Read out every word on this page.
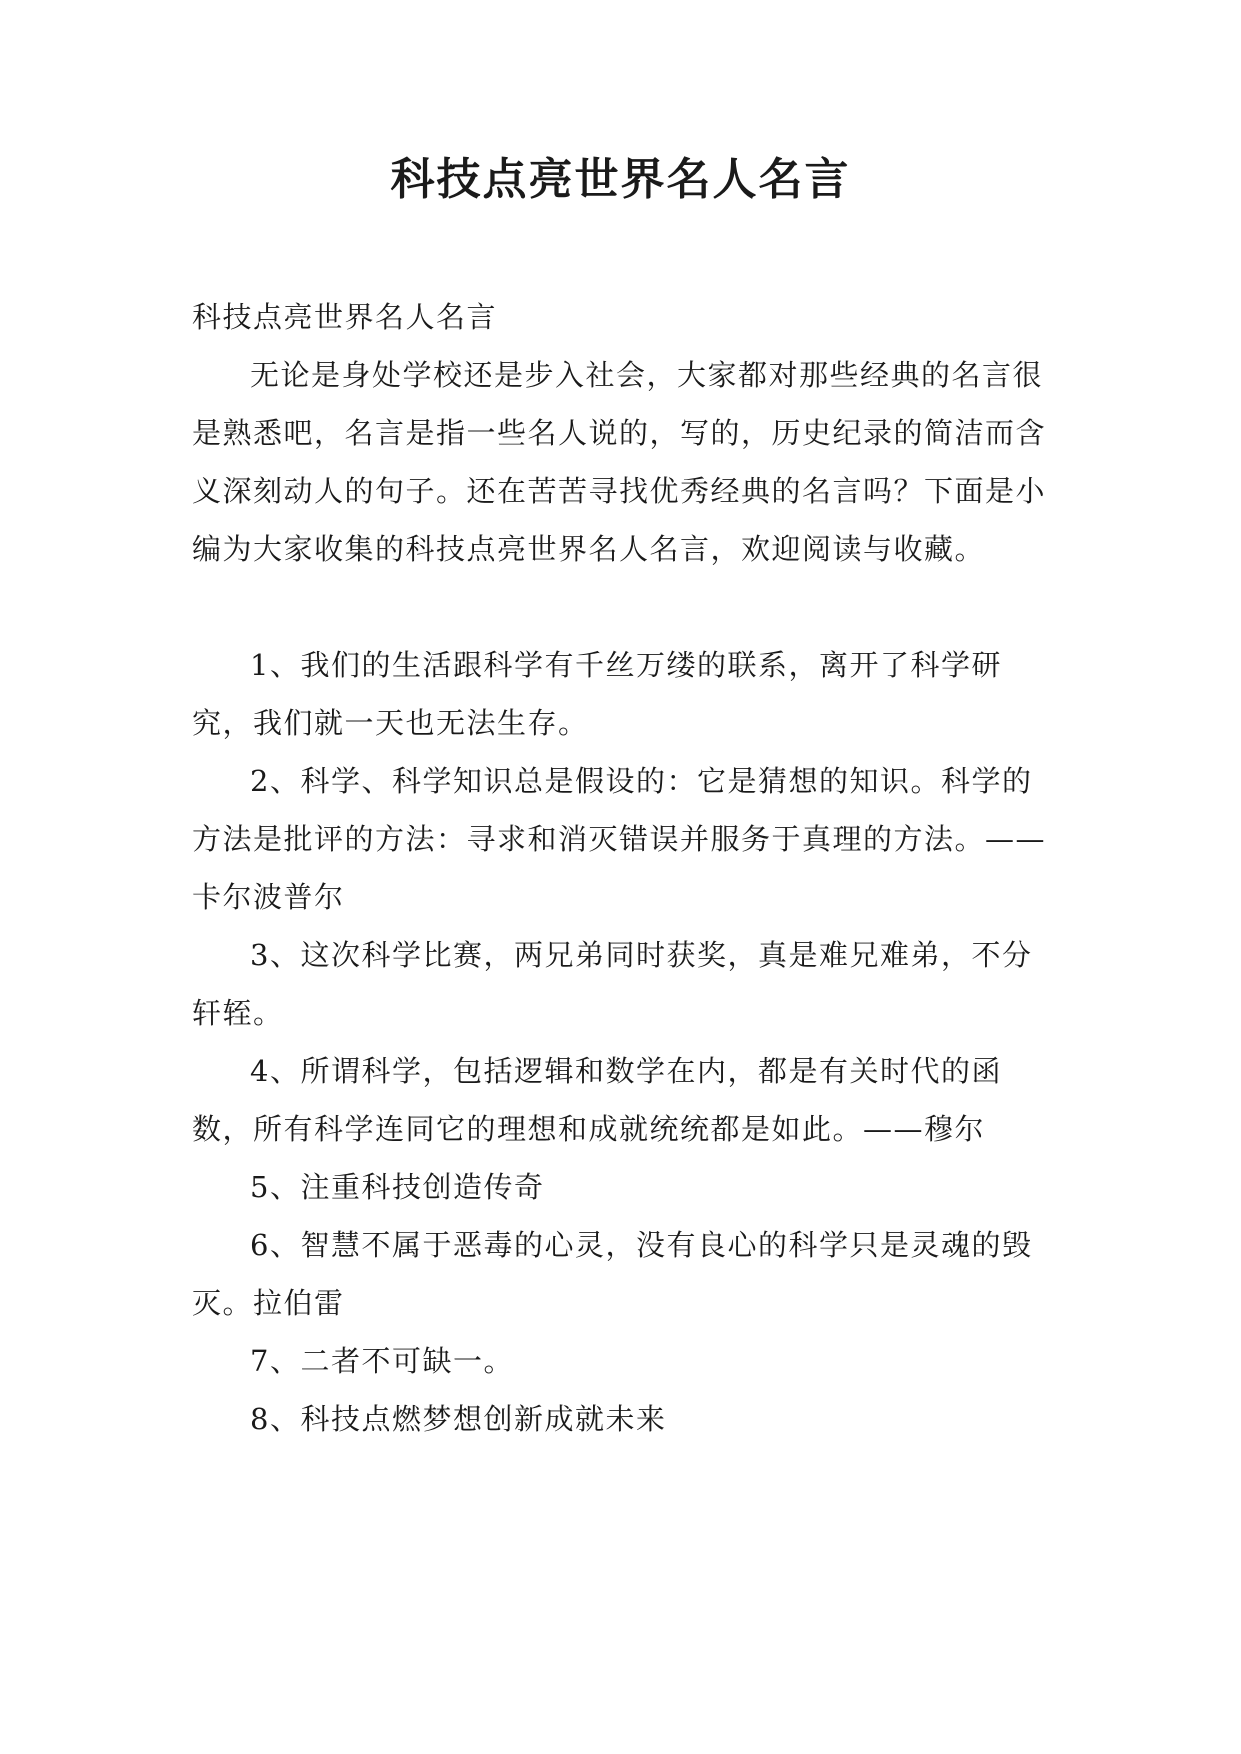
科技点亮世界名人名言

科技点亮世界名人名言

无论是身处学校还是步入社会，大家都对那些经典的名言很是熟悉吧，名言是指一些名人说的，写的，历史纪录的简洁而含义深刻动人的句子。还在苦苦寻找优秀经典的名言吗？下面是小编为大家收集的科技点亮世界名人名言，欢迎阅读与收藏。

1、我们的生活跟科学有千丝万缕的联系，离开了科学研究，我们就一天也无法生存。

2、科学、科学知识总是假设的：它是猜想的知识。科学的方法是批评的方法：寻求和消灭错误并服务于真理的方法。——卡尔波普尔

3、这次科学比赛，两兄弟同时获奖，真是难兄难弟，不分轩轾。

4、所谓科学，包括逻辑和数学在内，都是有关时代的函数，所有科学连同它的理想和成就统统都是如此。——穆尔

5、注重科技创造传奇

6、智慧不属于恶毒的心灵，没有良心的科学只是灵魂的毁灭。拉伯雷

7、二者不可缺一。

8、科技点燃梦想创新成就未来
